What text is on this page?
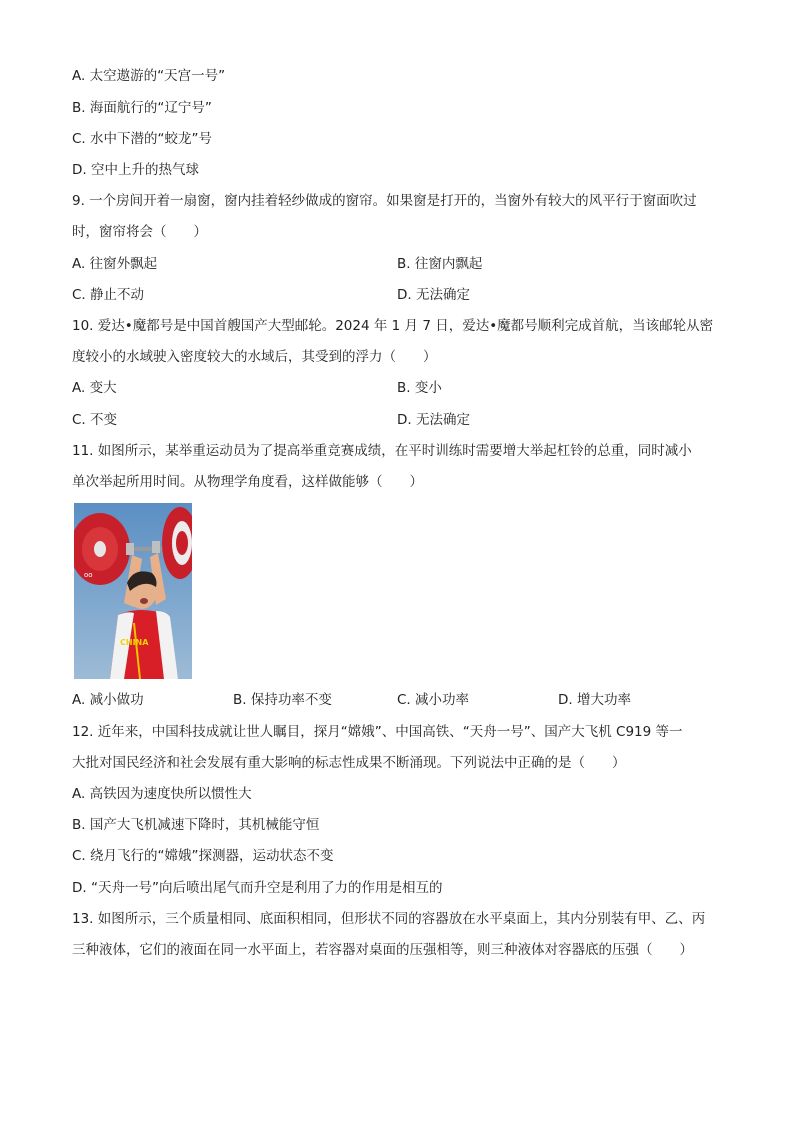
A. 太空遨游的“天宫一号”
B. 海面航行的“辽宁号”
C. 水中下潜的“蛟龙”号
D. 空中上升的热气球
9. 一个房间开着一扇窗，窗内挂着轻纱做成的窗帘。如果窗是打开的，当窗外有较大的风平行于窗面吹过
时，窗帘将会（　　）
A. 往窗外飘起	B. 往窗内飘起
C. 静止不动	D. 无法确定
10. 爱达•魔都号是中国首艘国产大型邮轮。2024 年 1 月 7 日，爱达•魔都号顺利完成首航，当该邮轮从密
度较小的水域驶入密度较大的水域后，其受到的浮力（　　）
A. 变大	B. 变小
C. 不变	D. 无法确定
11. 如图所示，某举重运动员为了提高举重竞赛成绩，在平时训练时需要增大举起杠铃的总重，同时减小
单次举起所用时间。从物理学角度看，这样做能够（　　）
oo
CHINA
A. 减小做功	B. 保持功率不变	C. 减小功率	D. 增大功率
12. 近年来，中国科技成就让世人瞩目，探月“嫦娥”、中国高铁、“天舟一号”、国产大飞机 C919 等一
大批对国民经济和社会发展有重大影响的标志性成果不断涌现。下列说法中正确的是（　　）
A. 高铁因为速度快所以惯性大
B. 国产大飞机减速下降时，其机械能守恒
C. 绕月飞行的“嫦娥”探测器，运动状态不变
D. “天舟一号”向后喷出尾气而升空是利用了力的作用是相互的
13. 如图所示，三个质量相同、底面积相同，但形状不同的容器放在水平桌面上，其内分别装有甲、乙、丙
三种液体，它们的液面在同一水平面上，若容器对桌面的压强相等，则三种液体对容器底的压强（　　）
